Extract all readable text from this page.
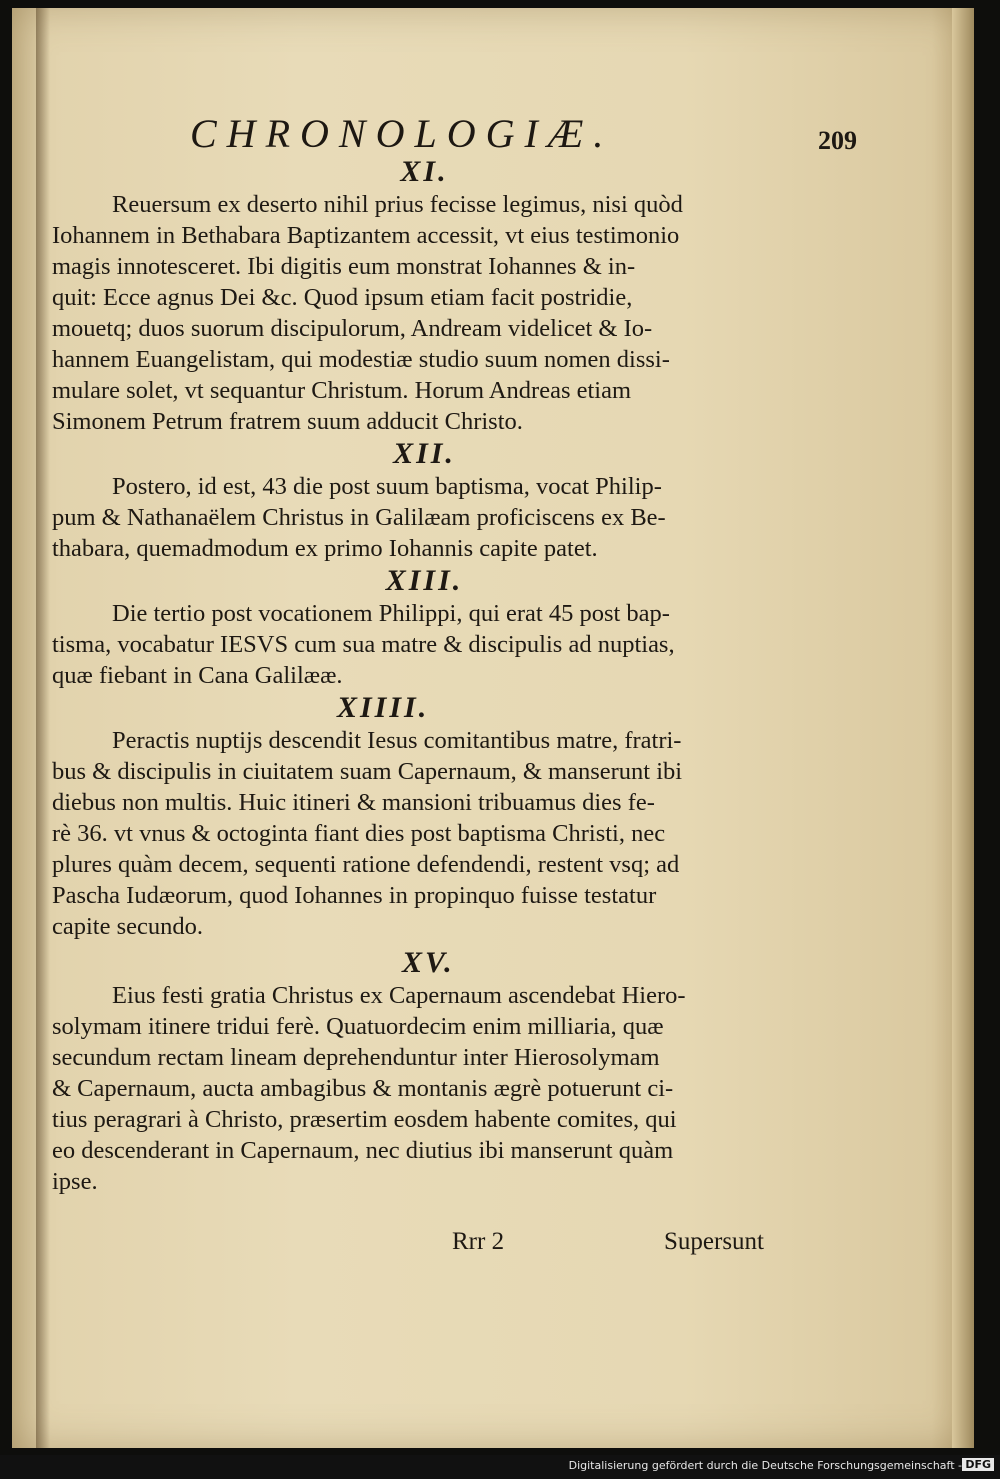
CHRONOLOGIÆ.	209
XI.

Reuersum ex deserto nihil prius fecisse legimus, nisi quòd
Iohannem in Bethabara Baptizantem accessit, vt eius testimonio
magis innotesceret. Ibi digitis eum monstrat Iohannes & in-
quit: Ecce agnus Dei &c. Quod ipsum etiam facit postridie,
mouetq; duos suorum discipulorum, Andream videlicet & Io-
hannem Euangelistam, qui modestiæ studio suum nomen dissi-
mulare solet, vt sequantur Christum. Horum Andreas etiam
Simonem Petrum fratrem suum adducit Christo.

XII.

Postero, id est, 43 die post suum baptisma, vocat Philip-
pum & Nathanaëlem Christus in Galilæam proficiscens ex Be-
thabara, quemadmodum ex primo Iohannis capite patet.

XIII.

Die tertio post vocationem Philippi, qui erat 45 post bap-
tisma, vocabatur IESVS cum sua matre & discipulis ad nuptias,
quæ fiebant in Cana Galilææ.

XIIII.

Peractis nuptijs descendit Iesus comitantibus matre, fratri-
bus & discipulis in ciuitatem suam Capernaum, & manserunt ibi
diebus non multis. Huic itineri & mansioni tribuamus dies fe-
rè 36. vt vnus & octoginta fiant dies post baptisma Christi, nec
plures quàm decem, sequenti ratione defendendi, restent vsq; ad
Pascha Iudæorum, quod Iohannes in propinquo fuisse testatur
capite secundo.

XV.

Eius festi gratia Christus ex Capernaum ascendebat Hiero-
solymam itinere tridui ferè. Quatuordecim enim milliaria, quæ
secundum rectam lineam deprehenduntur inter Hierosolymam
& Capernaum, aucta ambagibus & montanis ægrè potuerunt ci-
tius peragrari à Christo, præsertim eosdem habente comites, qui
eo descenderant in Capernaum, nec diutius ibi manserunt quàm
ipse.

Rrr 2	Supersunt
Digitalisierung gefördert durch die Deutsche Forschungsgemeinschaft - DFG
